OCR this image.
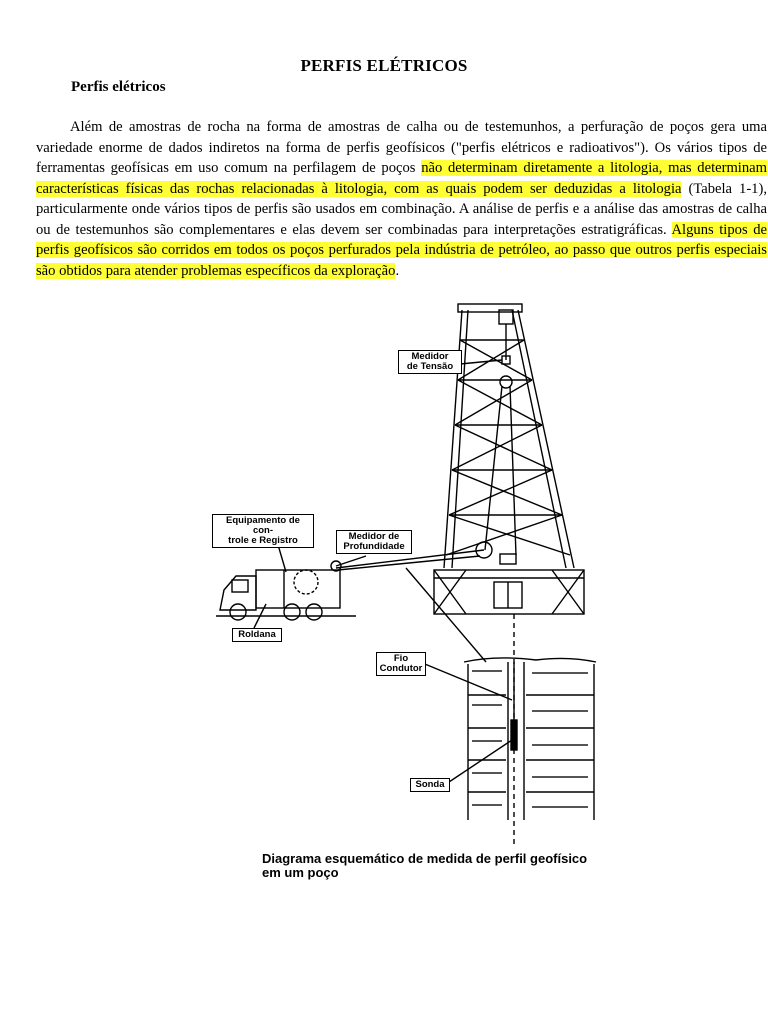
PERFIS ELÉTRICOS
Perfis elétricos

Além de amostras de rocha na forma de amostras de calha ou de testemunhos, a perfuração de poços gera uma variedade enorme de dados indiretos na forma de perfis geofísicos ("perfis elétricos e radioativos"). Os vários tipos de ferramentas geofísicas em uso comum na perfilagem de poços não determinam diretamente a litologia, mas determinam características físicas das rochas relacionadas à litologia, com as quais podem ser deduzidas a litologia (Tabela 1-1), particularmente onde vários tipos de perfis são usados em combinação. A análise de perfis e a análise das amostras de calha ou de testemunhos são complementares e elas devem ser combinadas para interpretações estratigráficas. Alguns tipos de perfis geofísicos são corridos em todos os poços perfurados pela indústria de petróleo, ao passo que outros perfis especiais são obtidos para atender problemas específicos da exploração.

Medidor
de Tensão
Equipamento de con-
trole e Registro	Medidor de
Profundidade
Roldana
Fio
Condutor
Sonda
Diagrama esquemático de medida de perfil geofísico
em um poço
